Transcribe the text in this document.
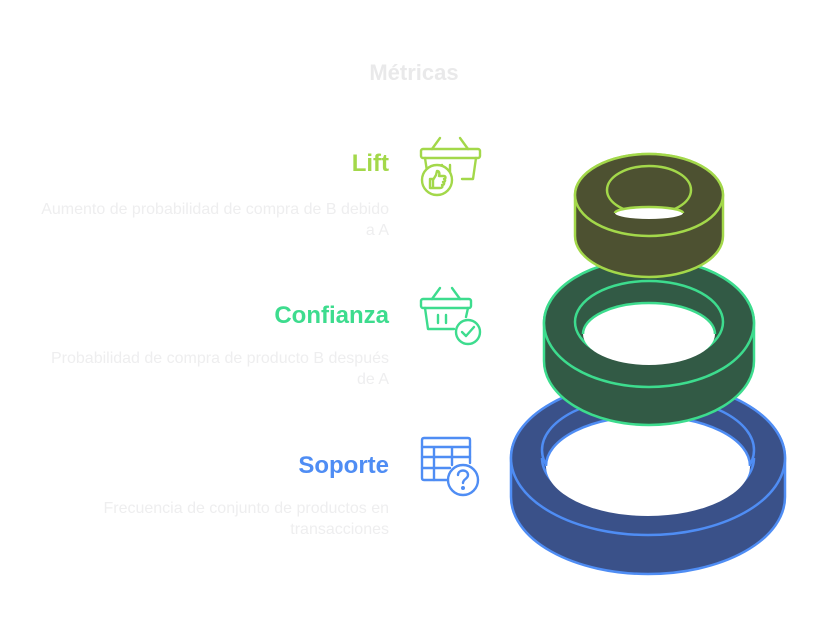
Métricas
Lift
Aumento de probabilidad de compra de B debido a A
Confianza
Probabilidad de compra de producto B después de A
Soporte
Frecuencia de conjunto de productos en transacciones
